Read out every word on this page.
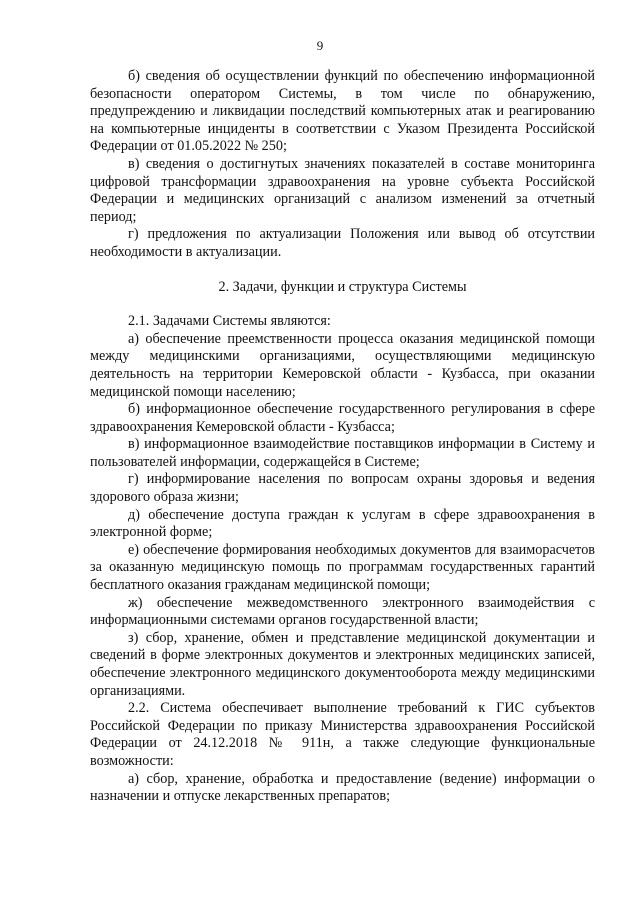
9

б) сведения об осуществлении функций по обеспечению информационной безопасности оператором Системы, в том числе по обнаружению, предупреждению и ликвидации последствий компьютерных атак и реагированию на компьютерные инциденты в соответствии с Указом Президента Российской Федерации от 01.05.2022 № 250;

в) сведения о достигнутых значениях показателей в составе мониторинга цифровой трансформации здравоохранения на уровне субъекта Российской Федерации и медицинских организаций с анализом изменений за отчетный период;

г) предложения по актуализации Положения или вывод об отсутствии необходимости в актуализации.

2. Задачи, функции и структура Системы

2.1. Задачами Системы являются:

а) обеспечение преемственности процесса оказания медицинской помощи между медицинскими организациями, осуществляющими медицинскую деятельность на территории Кемеровской области - Кузбасса, при оказании медицинской помощи населению;

б) информационное обеспечение государственного регулирования в сфере здравоохранения Кемеровской области - Кузбасса;

в) информационное взаимодействие поставщиков информации в Систему и пользователей информации, содержащейся в Системе;

г) информирование населения по вопросам охраны здоровья и ведения здорового образа жизни;

д) обеспечение доступа граждан к услугам в сфере здравоохранения в электронной форме;

е) обеспечение формирования необходимых документов для взаиморасчетов за оказанную медицинскую помощь по программам государственных гарантий бесплатного оказания гражданам медицинской помощи;

ж) обеспечение межведомственного электронного взаимодействия с информационными системами органов государственной власти;

з) сбор, хранение, обмен и представление медицинской документации и сведений в форме электронных документов и электронных медицинских записей, обеспечение электронного медицинского документооборота между медицинскими организациями.

2.2. Система обеспечивает выполнение требований к ГИС субъектов Российской Федерации по приказу Министерства здравоохранения Российской Федерации от 24.12.2018 № 911н, а также следующие функциональные возможности:

а) сбор, хранение, обработка и предоставление (ведение) информации о назначении и отпуске лекарственных препаратов;
